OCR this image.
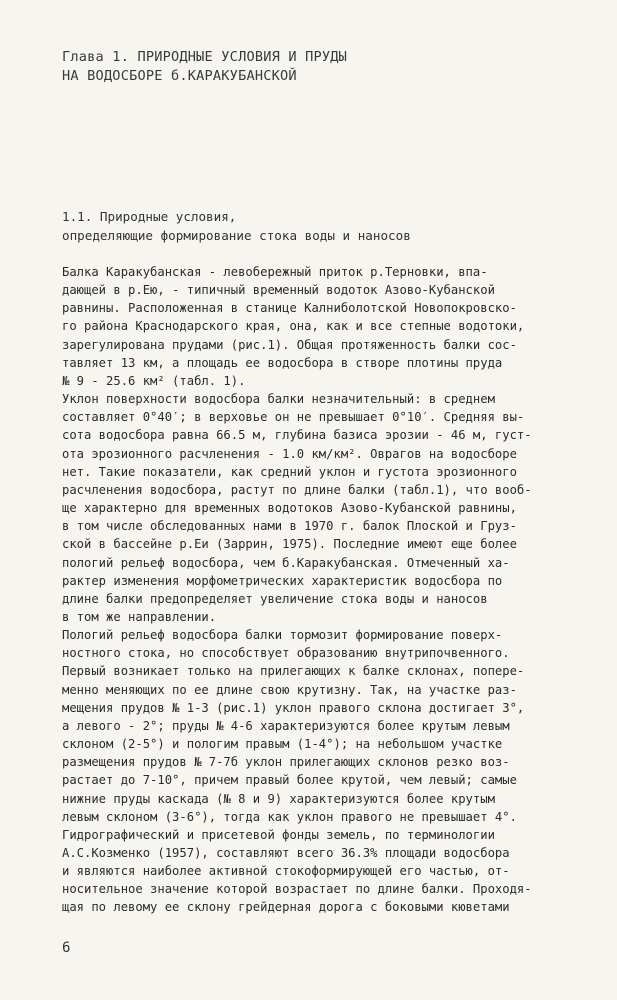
Глава 1. ПРИРОДНЫЕ УСЛОВИЯ И ПРУДЫ
НА ВОДОСБОРЕ б.КАРАКУБАНСКОЙ
1.1. Природные условия,
определяющие формирование стока воды и наносов
Балка Каракубанская - левобережный приток р.Терновки, впа-
дающей в р.Ею, - типичный временный водоток Азово-Кубанской
равнины. Расположенная в станице Калниболотской Новопокровско-
го района Краснодарского края, она, как и все степные водотоки,
зарегулирована прудами (рис.1). Общая протяженность балки сос-
тавляет 13 км, а площадь ее водосбора в створе плотины пруда
№ 9 - 25.6 км² (табл. 1).
Уклон поверхности водосбора балки незначительный: в среднем
составляет 0°40′; в верховье он не превышает 0°10′. Средняя вы-
сота водосбора равна 66.5 м, глубина базиса эрозии - 46 м, густ-
ота эрозионного расчленения - 1.0 км/км². Оврагов на водосборе
нет. Такие показатели, как средний уклон и густота эрозионного
расчленения водосбора, растут по длине балки (табл.1), что вооб-
ще характерно для временных водотоков Азово-Кубанской равнины,
в том числе обследованных нами в 1970 г. балок Плоской и Груз-
ской в бассейне р.Еи (Заррин, 1975). Последние имеют еще более
пологий рельеф водосбора, чем б.Каракубанская. Отмеченный ха-
рактер изменения морфометрических характеристик водосбора по
длине балки предопределяет увеличение стока воды и наносов
в том же направлении.
Пологий рельеф водосбора балки тормозит формирование поверх-
ностного стока, но способствует образованию внутрипочвенного.
Первый возникает только на прилегающих к балке склонах, попере-
менно меняющих по ее длине свою крутизну. Так, на участке раз-
мещения прудов № 1-3 (рис.1) уклон правого склона достигает 3°,
а левого - 2°; пруды № 4-6 характеризуются более крутым левым
склоном (2-5°) и пологим правым (1-4°); на небольшом участке
размещения прудов № 7-7б уклон прилегающих склонов резко воз-
растает до 7-10°, причем правый более крутой, чем левый; самые
нижние пруды каскада (№ 8 и 9) характеризуются более крутым
левым склоном (3-6°), тогда как уклон правого не превышает 4°.
Гидрографический и присетевой фонды земель, по терминологии
А.С.Козменко (1957), составляют всего 36.3% площади водосбора
и являются наиболее активной стокоформирующей его частью, от-
носительное значение которой возрастает по длине балки. Проходя-
щая по левому ее склону грейдерная дорога с боковыми кюветами
6
